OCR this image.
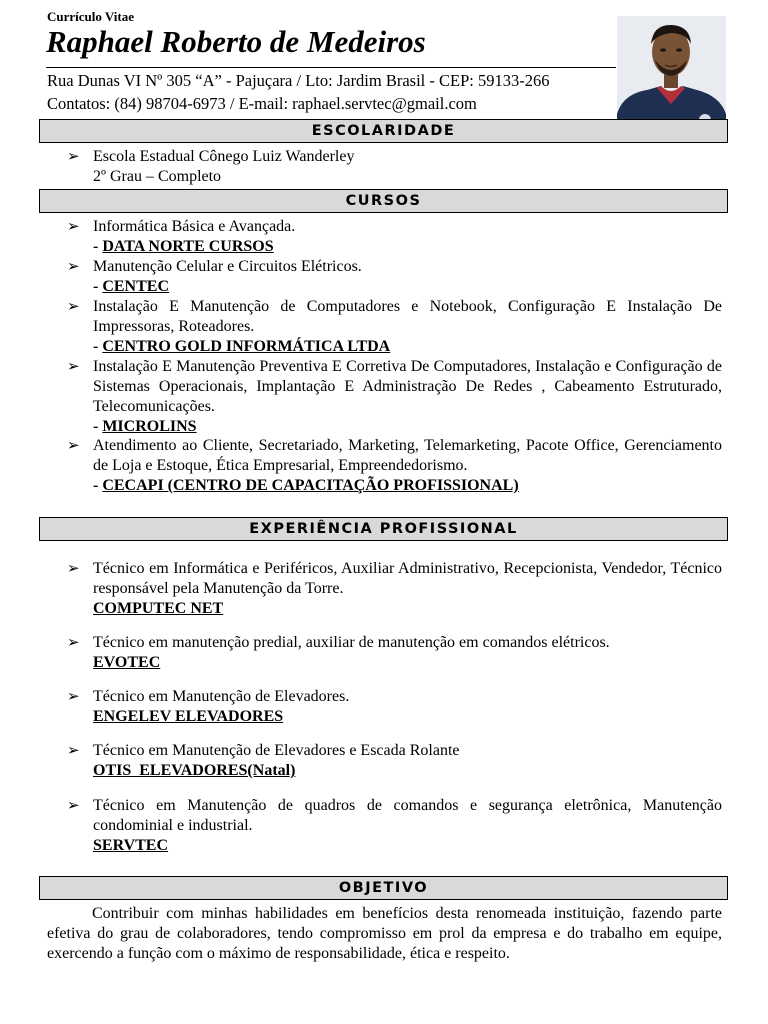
Currículo Vitae
Raphael Roberto de Medeiros
Rua Dunas VI Nº 305 “A” - Pajuçara / Lto: Jardim Brasil - CEP: 59133-266
Contatos: (84) 98704-6973 / E-mail: raphael.servtec@gmail.com
ESCOLARIDADE
➢ Escola Estadual Cônego Luiz Wanderley
2º Grau – Completo
CURSOS
➢ Informática Básica e Avançada.
- DATA NORTE CURSOS
➢ Manutenção Celular e Circuitos Elétricos.
- CENTEC
➢ Instalação E Manutenção de Computadores e Notebook, Configuração E Instalação De Impressoras, Roteadores.
- CENTRO GOLD INFORMÁTICA LTDA
➢ Instalação E Manutenção Preventiva E Corretiva De Computadores, Instalação e Configuração de Sistemas Operacionais, Implantação E Administração De Redes , Cabeamento Estruturado, Telecomunicações.
- MICROLINS
➢ Atendimento ao Cliente, Secretariado, Marketing, Telemarketing, Pacote Office, Gerenciamento de Loja e Estoque, Ética Empresarial, Empreendedorismo.
- CECAPI (CENTRO DE CAPACITAÇÃO PROFISSIONAL)
EXPERIÊNCIA PROFISSIONAL
➢ Técnico em Informática e Periféricos, Auxiliar Administrativo, Recepcionista, Vendedor, Técnico responsável pela Manutenção da Torre.
COMPUTEC NET
➢ Técnico em manutenção predial, auxiliar de manutenção em comandos elétricos.
EVOTEC
➢ Técnico em Manutenção de Elevadores.
ENGELEV ELEVADORES
➢ Técnico em Manutenção de Elevadores e Escada Rolante
OTIS  ELEVADORES(Natal)
➢ Técnico em Manutenção de quadros de comandos e segurança eletrônica, Manutenção condominial e industrial.
SERVTEC
OBJETIVO
Contribuir com minhas habilidades em benefícios desta renomeada instituição, fazendo parte efetiva do grau de colaboradores, tendo compromisso em prol da empresa e do trabalho em equipe, exercendo a função com o máximo de responsabilidade, ética e respeito.
